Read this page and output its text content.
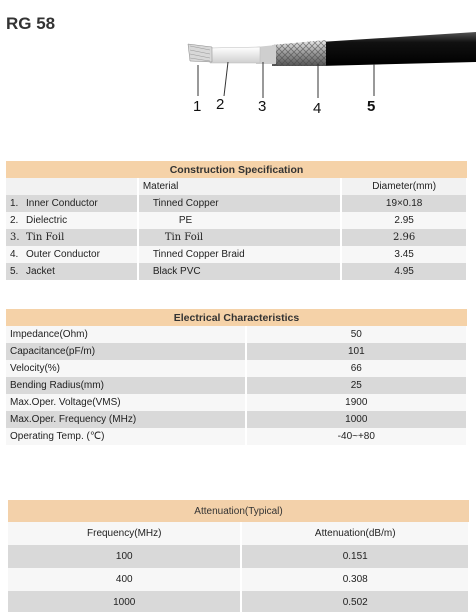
RG 58
1 2 3	4	5
Construction Specification		
	Material	Diameter(mm)
1. Inner Conductor	Tinned Copper	19×0.18
2. Dielectric	PE	2.95
3. Tin Foil	Tin Foil	2.96
4. Outer Conductor	Tinned Copper Braid	3.45
5. Jacket	Black PVC	4.95
Electrical Characteristics	
Impedance(Ohm)	50
Capacitance(pF/m)	101
Velocity(%)	66
Bending Radius(mm)	25
Max.Oper. Voltage(VMS)	1900
Max.Oper. Frequency (MHz)	1000
Operating Temp. (℃)	-40~+80
Attenuation(Typical)	
Frequency(MHz)	Attenuation(dB/m)
100	0.151
400	0.308
1000	0.502
